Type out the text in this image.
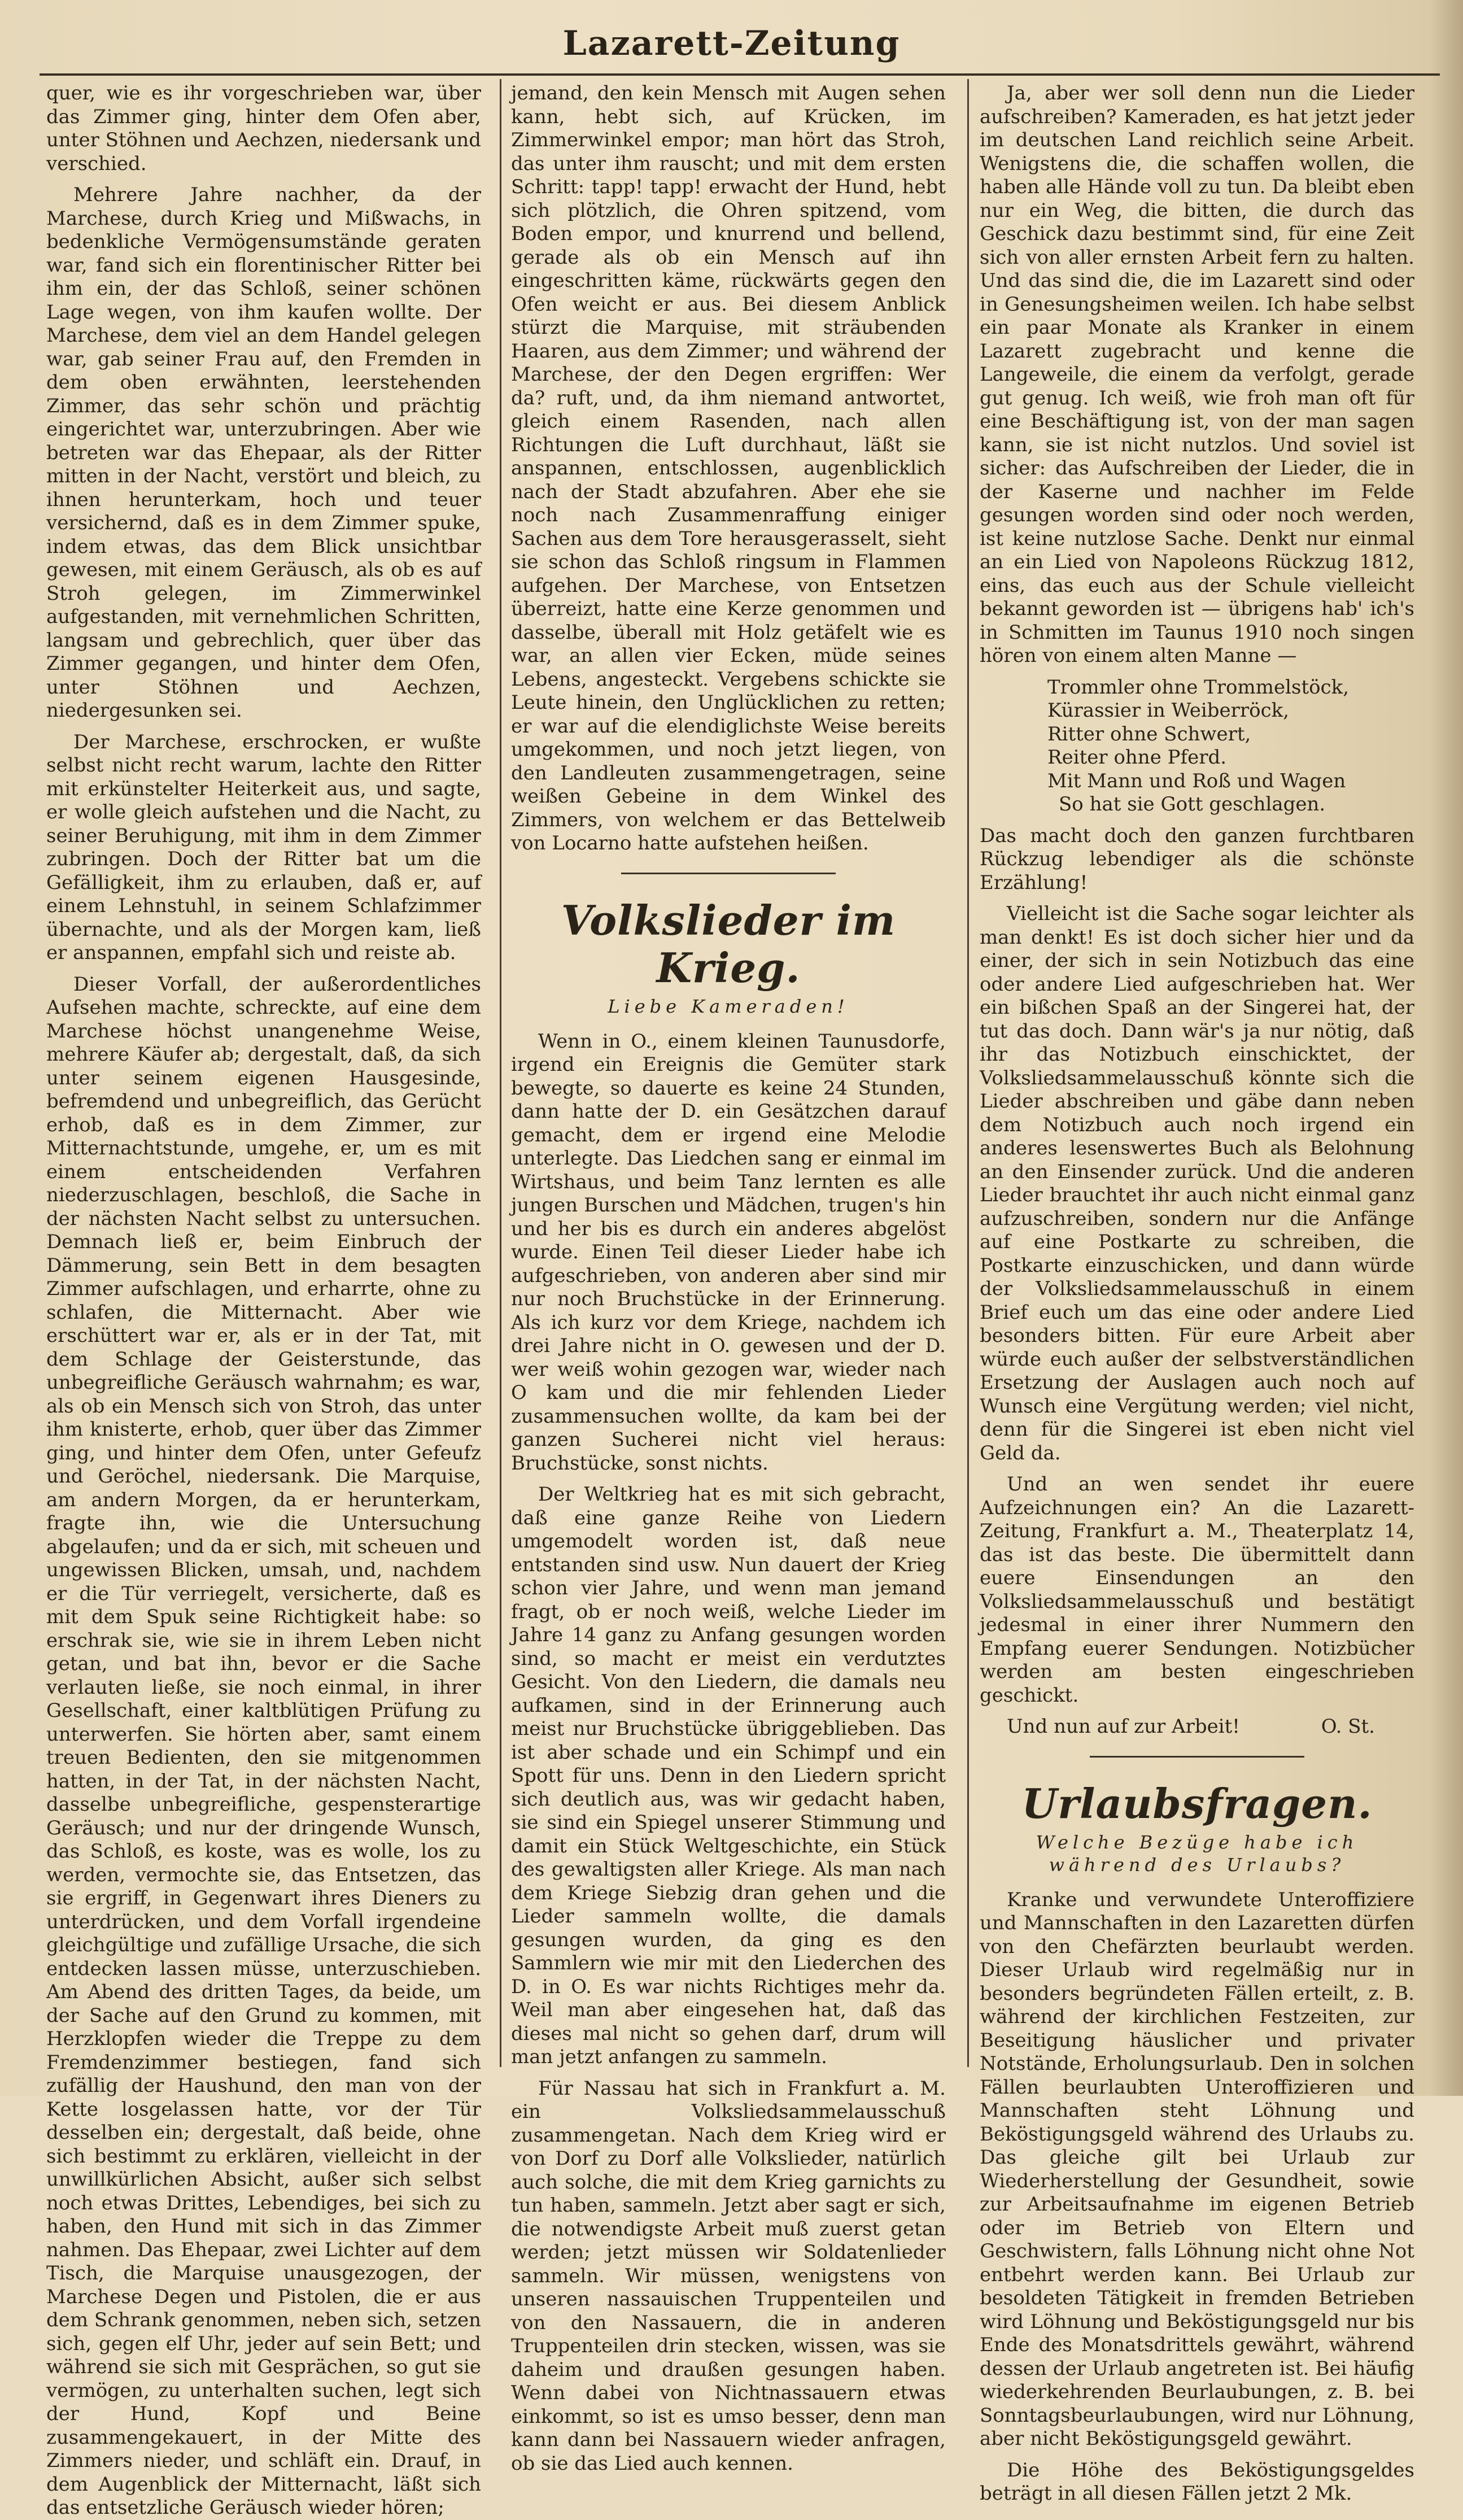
Lazarett-Zeitung

quer, wie es ihr vorgeschrieben war, über das Zimmer ging, hinter dem Ofen aber, unter Stöhnen und Aechzen, niedersank und verschied.

Mehrere Jahre nachher, da der Marchese, durch Krieg und Mißwachs, in bedenkliche Vermögensumstände geraten war, fand sich ein florentinischer Ritter bei ihm ein, der das Schloß, seiner schönen Lage wegen, von ihm kaufen wollte. Der Marchese, dem viel an dem Handel gelegen war, gab seiner Frau auf, den Fremden in dem oben erwähnten, leerstehenden Zimmer, das sehr schön und prächtig eingerichtet war, unterzubringen. Aber wie betreten war das Ehepaar, als der Ritter mitten in der Nacht, verstört und bleich, zu ihnen herunterkam, hoch und teuer versichernd, daß es in dem Zimmer spuke, indem etwas, das dem Blick unsichtbar gewesen, mit einem Geräusch, als ob es auf Stroh gelegen, im Zimmerwinkel aufgestanden, mit vernehmlichen Schritten, langsam und gebrechlich, quer über das Zimmer gegangen, und hinter dem Ofen, unter Stöhnen und Aechzen, niedergesunken sei.

Der Marchese, erschrocken, er wußte selbst nicht recht warum, lachte den Ritter mit erkünstelter Heiterkeit aus, und sagte, er wolle gleich aufstehen und die Nacht, zu seiner Beruhigung, mit ihm in dem Zimmer zubringen. Doch der Ritter bat um die Gefälligkeit, ihm zu erlauben, daß er, auf einem Lehnstuhl, in seinem Schlafzimmer übernachte, und als der Morgen kam, ließ er anspannen, empfahl sich und reiste ab.

Dieser Vorfall, der außerordentliches Aufsehen machte, schreckte, auf eine dem Marchese höchst unangenehme Weise, mehrere Käufer ab; dergestalt, daß, da sich unter seinem eigenen Hausgesinde, befremdend und unbegreiflich, das Gerücht erhob, daß es in dem Zimmer, zur Mitternachtstunde, umgehe, er, um es mit einem entscheidenden Verfahren niederzuschlagen, beschloß, die Sache in der nächsten Nacht selbst zu untersuchen. Demnach ließ er, beim Einbruch der Dämmerung, sein Bett in dem besagten Zimmer aufschlagen, und erharrte, ohne zu schlafen, die Mitternacht. Aber wie erschüttert war er, als er in der Tat, mit dem Schlage der Geisterstunde, das unbegreifliche Geräusch wahrnahm; es war, als ob ein Mensch sich von Stroh, das unter ihm knisterte, erhob, quer über das Zimmer ging, und hinter dem Ofen, unter Gefeufz und Geröchel, niedersank. Die Marquise, am andern Morgen, da er herunterkam, fragte ihn, wie die Untersuchung abgelaufen; und da er sich, mit scheuen und ungewissen Blicken, umsah, und, nachdem er die Tür verriegelt, versicherte, daß es mit dem Spuk seine Richtigkeit habe: so erschrak sie, wie sie in ihrem Leben nicht getan, und bat ihn, bevor er die Sache verlauten ließe, sie noch einmal, in ihrer Gesellschaft, einer kaltblütigen Prüfung zu unterwerfen. Sie hörten aber, samt einem treuen Bedienten, den sie mitgenommen hatten, in der Tat, in der nächsten Nacht, dasselbe unbegreifliche, gespensterartige Geräusch; und nur der dringende Wunsch, das Schloß, es koste, was es wolle, los zu werden, vermochte sie, das Entsetzen, das sie ergriff, in Gegenwart ihres Dieners zu unterdrücken, und dem Vorfall irgendeine gleichgültige und zufällige Ursache, die sich entdecken lassen müsse, unterzuschieben. Am Abend des dritten Tages, da beide, um der Sache auf den Grund zu kommen, mit Herzklopfen wieder die Treppe zu dem Fremdenzimmer bestiegen, fand sich zufällig der Haushund, den man von der Kette losgelassen hatte, vor der Tür desselben ein; dergestalt, daß beide, ohne sich bestimmt zu erklären, vielleicht in der unwillkürlichen Absicht, außer sich selbst noch etwas Drittes, Lebendiges, bei sich zu haben, den Hund mit sich in das Zimmer nahmen. Das Ehepaar, zwei Lichter auf dem Tisch, die Marquise unausgezogen, der Marchese Degen und Pistolen, die er aus dem Schrank genommen, neben sich, setzen sich, gegen elf Uhr, jeder auf sein Bett; und während sie sich mit Gesprächen, so gut sie vermögen, zu unterhalten suchen, legt sich der Hund, Kopf und Beine zusammengekauert, in der Mitte des Zimmers nieder, und schläft ein. Drauf, in dem Augenblick der Mitternacht, läßt sich das entsetzliche Geräusch wieder hören;

jemand, den kein Mensch mit Augen sehen kann, hebt sich, auf Krücken, im Zimmerwinkel empor; man hört das Stroh, das unter ihm rauscht; und mit dem ersten Schritt: tapp! tapp! erwacht der Hund, hebt sich plötzlich, die Ohren spitzend, vom Boden empor, und knurrend und bellend, gerade als ob ein Mensch auf ihn eingeschritten käme, rückwärts gegen den Ofen weicht er aus. Bei diesem Anblick stürzt die Marquise, mit sträubenden Haaren, aus dem Zimmer; und während der Marchese, der den Degen ergriffen: Wer da? ruft, und, da ihm niemand antwortet, gleich einem Rasenden, nach allen Richtungen die Luft durchhaut, läßt sie anspannen, entschlossen, augenblicklich nach der Stadt abzufahren. Aber ehe sie noch nach Zusammenraffung einiger Sachen aus dem Tore herausgerasselt, sieht sie schon das Schloß ringsum in Flammen aufgehen. Der Marchese, von Entsetzen überreizt, hatte eine Kerze genommen und dasselbe, überall mit Holz getäfelt wie es war, an allen vier Ecken, müde seines Lebens, angesteckt. Vergebens schickte sie Leute hinein, den Unglücklichen zu retten; er war auf die elendiglichste Weise bereits umgekommen, und noch jetzt liegen, von den Landleuten zusammengetragen, seine weißen Gebeine in dem Winkel des Zimmers, von welchem er das Bettelweib von Locarno hatte aufstehen heißen.

Volkslieder im Krieg.
Liebe Kameraden!

Wenn in O., einem kleinen Taunusdorfe, irgend ein Ereignis die Gemüter stark bewegte, so dauerte es keine 24 Stunden, dann hatte der D. ein Gesätzchen darauf gemacht, dem er irgend eine Melodie unterlegte. Das Liedchen sang er einmal im Wirtshaus, und beim Tanz lernten es alle jungen Burschen und Mädchen, trugen's hin und her bis es durch ein anderes abgelöst wurde. Einen Teil dieser Lieder habe ich aufgeschrieben, von anderen aber sind mir nur noch Bruchstücke in der Erinnerung. Als ich kurz vor dem Kriege, nachdem ich drei Jahre nicht in O. gewesen und der D. wer weiß wohin gezogen war, wieder nach O kam und die mir fehlenden Lieder zusammensuchen wollte, da kam bei der ganzen Sucherei nicht viel heraus: Bruchstücke, sonst nichts.

Der Weltkrieg hat es mit sich gebracht, daß eine ganze Reihe von Liedern umgemodelt worden ist, daß neue entstanden sind usw. Nun dauert der Krieg schon vier Jahre, und wenn man jemand fragt, ob er noch weiß, welche Lieder im Jahre 14 ganz zu Anfang gesungen worden sind, so macht er meist ein verdutztes Gesicht. Von den Liedern, die damals neu aufkamen, sind in der Erinnerung auch meist nur Bruchstücke übriggeblieben. Das ist aber schade und ein Schimpf und ein Spott für uns. Denn in den Liedern spricht sich deutlich aus, was wir gedacht haben, sie sind ein Spiegel unserer Stimmung und damit ein Stück Weltgeschichte, ein Stück des gewaltigsten aller Kriege. Als man nach dem Kriege Siebzig dran gehen und die Lieder sammeln wollte, die damals gesungen wurden, da ging es den Sammlern wie mir mit den Liederchen des D. in O. Es war nichts Richtiges mehr da. Weil man aber eingesehen hat, daß das dieses mal nicht so gehen darf, drum will man jetzt anfangen zu sammeln.

Für Nassau hat sich in Frankfurt a. M. ein Volksliedsammelausschuß zusammengetan. Nach dem Krieg wird er von Dorf zu Dorf alle Volkslieder, natürlich auch solche, die mit dem Krieg garnichts zu tun haben, sammeln. Jetzt aber sagt er sich, die notwendigste Arbeit muß zuerst getan werden; jetzt müssen wir Soldatenlieder sammeln. Wir müssen, wenigstens von unseren nassauischen Truppenteilen und von den Nassauern, die in anderen Truppenteilen drin stecken, wissen, was sie daheim und draußen gesungen haben. Wenn dabei von Nichtnassauern etwas einkommt, so ist es umso besser, denn man kann dann bei Nassauern wieder anfragen, ob sie das Lied auch kennen.

Ja, aber wer soll denn nun die Lieder aufschreiben? Kameraden, es hat jetzt jeder im deutschen Land reichlich seine Arbeit. Wenigstens die, die schaffen wollen, die haben alle Hände voll zu tun. Da bleibt eben nur ein Weg, die bitten, die durch das Geschick dazu bestimmt sind, für eine Zeit sich von aller ernsten Arbeit fern zu halten. Und das sind die, die im Lazarett sind oder in Genesungsheimen weilen. Ich habe selbst ein paar Monate als Kranker in einem Lazarett zugebracht und kenne die Langeweile, die einem da verfolgt, gerade gut genug. Ich weiß, wie froh man oft für eine Beschäftigung ist, von der man sagen kann, sie ist nicht nutzlos. Und soviel ist sicher: das Aufschreiben der Lieder, die in der Kaserne und nachher im Felde gesungen worden sind oder noch werden, ist keine nutzlose Sache. Denkt nur einmal an ein Lied von Napoleons Rückzug 1812, eins, das euch aus der Schule vielleicht bekannt geworden ist — übrigens hab' ich's in Schmitten im Taunus 1910 noch singen hören von einem alten Manne —

Trommler ohne Trommelstöck,
Kürassier in Weiberröck,
Ritter ohne Schwert,
Reiter ohne Pferd.
Mit Mann und Roß und Wagen
So hat sie Gott geschlagen.

Das macht doch den ganzen furchtbaren Rückzug lebendiger als die schönste Erzählung!

Vielleicht ist die Sache sogar leichter als man denkt! Es ist doch sicher hier und da einer, der sich in sein Notizbuch das eine oder andere Lied aufgeschrieben hat. Wer ein bißchen Spaß an der Singerei hat, der tut das doch. Dann wär's ja nur nötig, daß ihr das Notizbuch einschicktet, der Volksliedsammelausschuß könnte sich die Lieder abschreiben und gäbe dann neben dem Notizbuch auch noch irgend ein anderes lesenswertes Buch als Belohnung an den Einsender zurück. Und die anderen Lieder brauchtet ihr auch nicht einmal ganz aufzuschreiben, sondern nur die Anfänge auf eine Postkarte zu schreiben, die Postkarte einzuschicken, und dann würde der Volksliedsammelausschuß in einem Brief euch um das eine oder andere Lied besonders bitten. Für eure Arbeit aber würde euch außer der selbstverständlichen Ersetzung der Auslagen auch noch auf Wunsch eine Vergütung werden; viel nicht, denn für die Singerei ist eben nicht viel Geld da.

Und an wen sendet ihr euere Aufzeichnungen ein? An die Lazarett-Zeitung, Frankfurt a. M., Theaterplatz 14, das ist das beste. Die übermittelt dann euere Einsendungen an den Volksliedsammelausschuß und bestätigt jedesmal in einer ihrer Nummern den Empfang euerer Sendungen. Notizbücher werden am besten eingeschrieben geschickt.

Und nun auf zur Arbeit!	O. St.
Urlaubsfragen.
Welche Bezüge habe ich während des Urlaubs?

Kranke und verwundete Unteroffiziere und Mannschaften in den Lazaretten dürfen von den Chefärzten beurlaubt werden. Dieser Urlaub wird regelmäßig nur in besonders begründeten Fällen erteilt, z. B. während der kirchlichen Festzeiten, zur Beseitigung häuslicher und privater Notstände, Erholungsurlaub. Den in solchen Fällen beurlaubten Unteroffizieren und Mannschaften steht Löhnung und Beköstigungsgeld während des Urlaubs zu. Das gleiche gilt bei Urlaub zur Wiederherstellung der Gesundheit, sowie zur Arbeitsaufnahme im eigenen Betrieb oder im Betrieb von Eltern und Geschwistern, falls Löhnung nicht ohne Not entbehrt werden kann. Bei Urlaub zur besoldeten Tätigkeit in fremden Betrieben wird Löhnung und Beköstigungsgeld nur bis Ende des Monatsdrittels gewährt, während dessen der Urlaub angetreten ist. Bei häufig wiederkehrenden Beurlaubungen, z. B. bei Sonntagsbeurlaubungen, wird nur Löhnung, aber nicht Beköstigungsgeld gewährt.

Die Höhe des Beköstigungsgeldes beträgt in all diesen Fällen jetzt 2 Mk.
